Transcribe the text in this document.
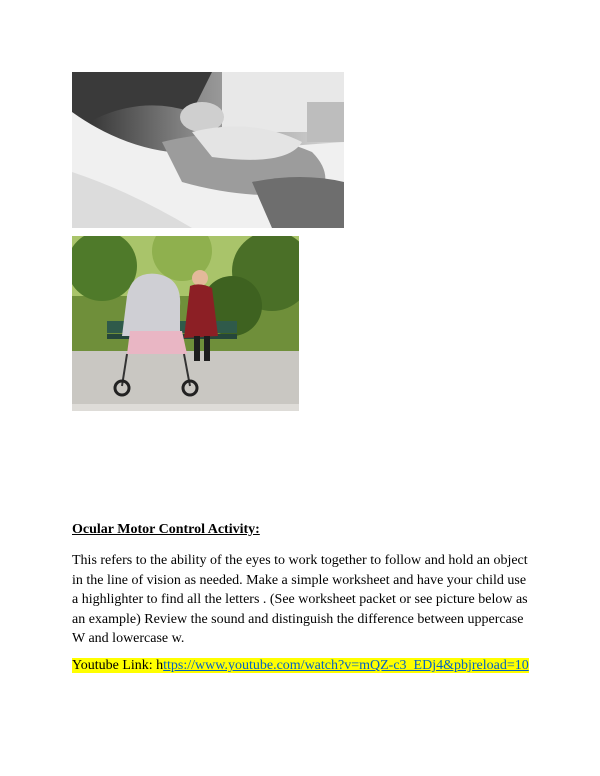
Ocular Motor Control Activity:

This refers to the ability of the eyes to work together to follow and hold an object in the line of vision as needed. Make a simple worksheet and have your child use a highlighter to find all the letters . (See worksheet packet or see picture below as an example) Review the sound and distinguish the difference between uppercase W and lowercase w.

Youtube Link: https://www.youtube.com/watch?v=mQZ-c3_EDj4&pbjreload=10
